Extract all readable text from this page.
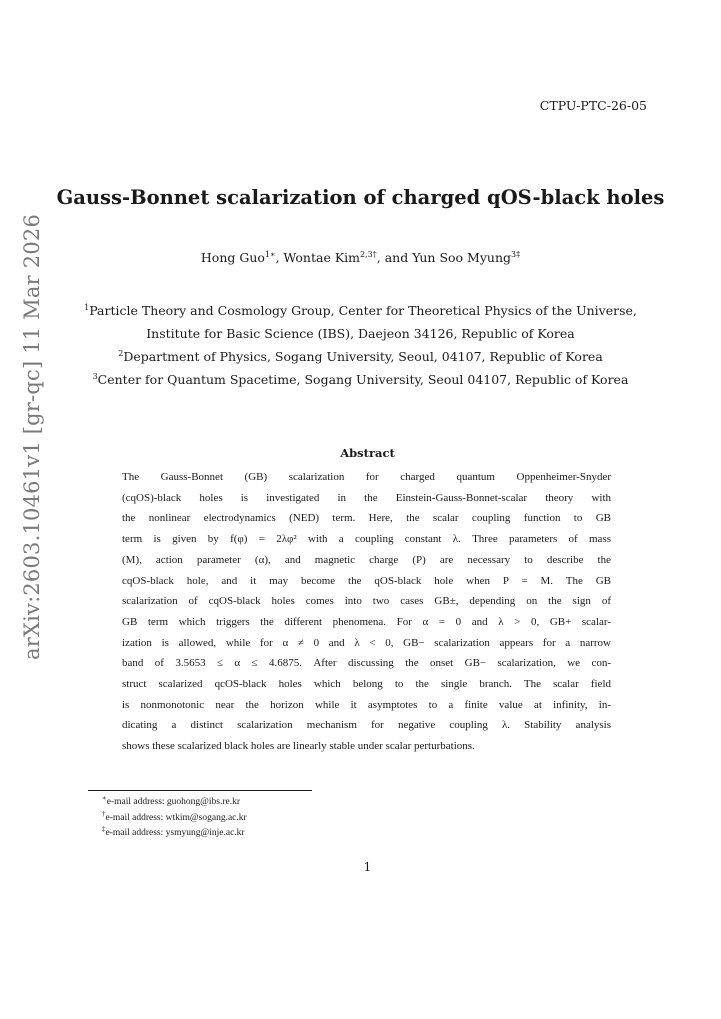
CTPU-PTC-26-05
Gauss-Bonnet scalarization of charged qOS-black holes
Hong Guo$^{1∗}$, Wontae Kim$^{2,3\dagger}$, and Yun Soo Myung$^{3\ddagger}$
$^1$Particle Theory and Cosmology Group, Center for Theoretical Physics of the Universe,
Institute for Basic Science (IBS), Daejeon 34126, Republic of Korea
$^2$Department of Physics, Sogang University, Seoul, 04107, Republic of Korea
$^3$Center for Quantum Spacetime, Sogang University, Seoul 04107, Republic of Korea
arXiv:2603.10461v1 [gr-qc] 11 Mar 2026	Abstract
The Gauss-Bonnet (GB) scalarization for charged quantum Oppenheimer-Snyder
(cqOS)-black holes is investigated in the Einstein-Gauss-Bonnet-scalar theory with
the nonlinear electrodynamics (NED) term. Here, the scalar coupling function to GB
term is given by f(φ) = 2λφ² with a coupling constant λ. Three parameters of mass
(M), action parameter (α), and magnetic charge (P) are necessary to describe the
cqOS-black hole, and it may become the qOS-black hole when P = M. The GB
scalarization of cqOS-black holes comes into two cases GB±, depending on the sign of
GB term which triggers the different phenomena. For α = 0 and λ > 0, GB+ scalar-
ization is allowed, while for α ≠ 0 and λ < 0, GB− scalarization appears for a narrow
band of 3.5653 ≤ α ≤ 4.6875. After discussing the onset GB− scalarization, we con-
struct scalarized qcOS-black holes which belong to the single branch. The scalar field
is nonmonotonic near the horizon while it asymptotes to a finite value at infinity, in-
dicating a distinct scalarization mechanism for negative coupling λ. Stability analysis
shows these scalarized black holes are linearly stable under scalar perturbations.
∗e-mail address: guohong@ibs.re.kr
†e-mail address: wtkim@sogang.ac.kr
‡e-mail address: ysmyung@inje.ac.kr
1
